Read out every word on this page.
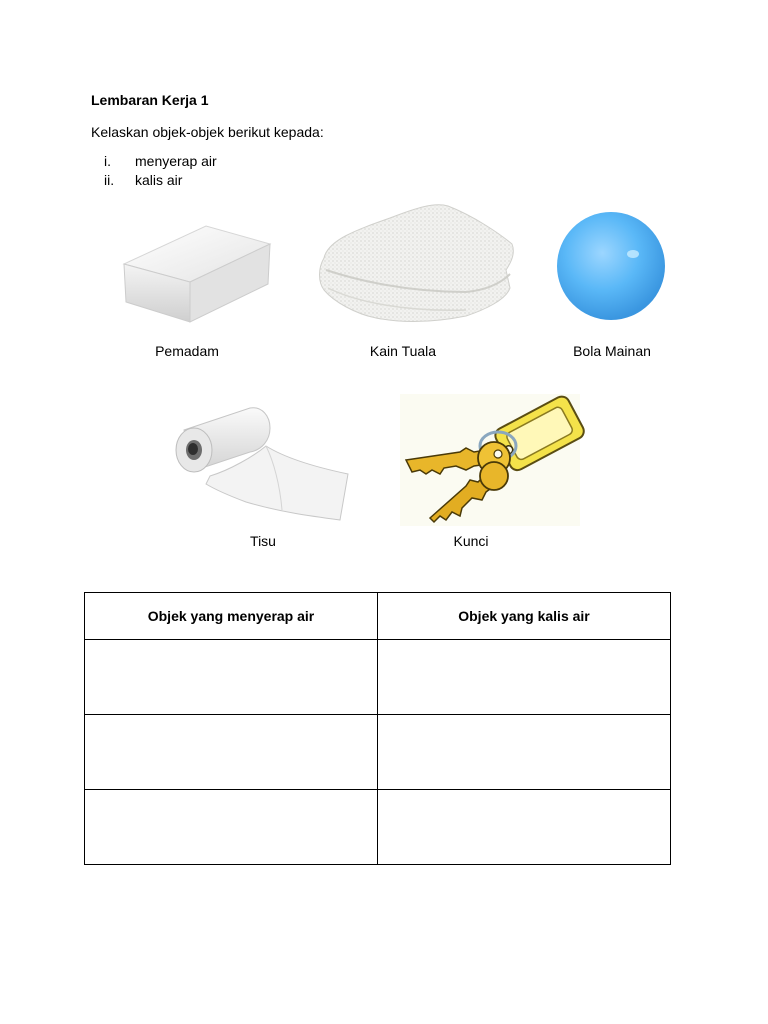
Lembaran Kerja 1
Kelaskan objek-objek berikut kepada:
i. menyerap air
ii. kalis air
Pemadam	Kain Tuala	Bola Mainan
Tisu	Kunci
Objek yang menyerap air	Objek yang kalis air
